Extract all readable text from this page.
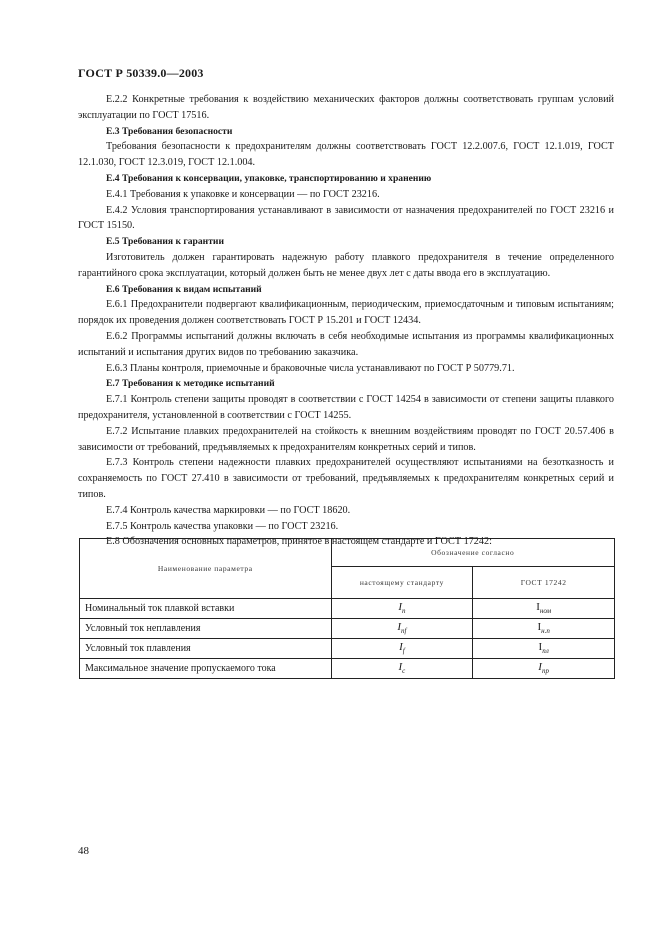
ГОСТ Р 50339.0—2003

Е.2.2 Конкретные требования к воздействию механических факторов должны соответствовать группам условий эксплуатации по ГОСТ 17516.

Е.3 Требования безопасности

Требования безопасности к предохранителям должны соответствовать ГОСТ 12.2.007.6, ГОСТ 12.1.019, ГОСТ 12.1.030, ГОСТ 12.3.019, ГОСТ 12.1.004.

Е.4 Требования к консервации, упаковке, транспортированию и хранению

Е.4.1 Требования к упаковке и консервации — по ГОСТ 23216.

Е.4.2 Условия транспортирования устанавливают в зависимости от назначения предохранителей по ГОСТ 23216 и ГОСТ 15150.

Е.5 Требования к гарантии

Изготовитель должен гарантировать надежную работу плавкого предохранителя в течение определенного гарантийного срока эксплуатации, который должен быть не менее двух лет с даты ввода его в эксплуатацию.

Е.6 Требования к видам испытаний

Е.6.1 Предохранители подвергают квалификационным, периодическим, приемосдаточным и типовым испытаниям; порядок их проведения должен соответствовать ГОСТ Р 15.201 и ГОСТ 12434.

Е.6.2 Программы испытаний должны включать в себя необходимые испытания из программы квалификационных испытаний и испытания других видов по требованию заказчика.

Е.6.3 Планы контроля, приемочные и браковочные числа устанавливают по ГОСТ Р 50779.71.

Е.7 Требования к методике испытаний

Е.7.1 Контроль степени защиты проводят в соответствии с ГОСТ 14254 в зависимости от степени защиты плавкого предохранителя, установленной в соответствии с ГОСТ 14255.

Е.7.2 Испытание плавких предохранителей на стойкость к внешним воздействиям проводят по ГОСТ 20.57.406 в зависимости от требований, предъявляемых к предохранителям конкретных серий и типов.

Е.7.3 Контроль степени надежности плавких предохранителей осуществляют испытаниями на безотказность и сохраняемость по ГОСТ 27.410 в зависимости от требований, предъявляемых к предохранителям конкретных серий и типов.

Е.7.4 Контроль качества маркировки — по ГОСТ 18620.

Е.7.5 Контроль качества упаковки — по ГОСТ 23216.

Е.8 Обозначения основных параметров, принятое в настоящем стандарте и ГОСТ 17242:

Наименование параметра	Обозначение согласно	
	настоящему стандарту	ГОСТ 17242
Номинальный ток плавкой вставки	$I_n$	$I_{ном}$
Условный ток неплавления	$I_{nf}$	$I_{н.п}$
Условный ток плавления	$I_f$	$I_{пл}$
Максимальное значение пропускаемого тока	$I_c$	$I_{пр}$
48
